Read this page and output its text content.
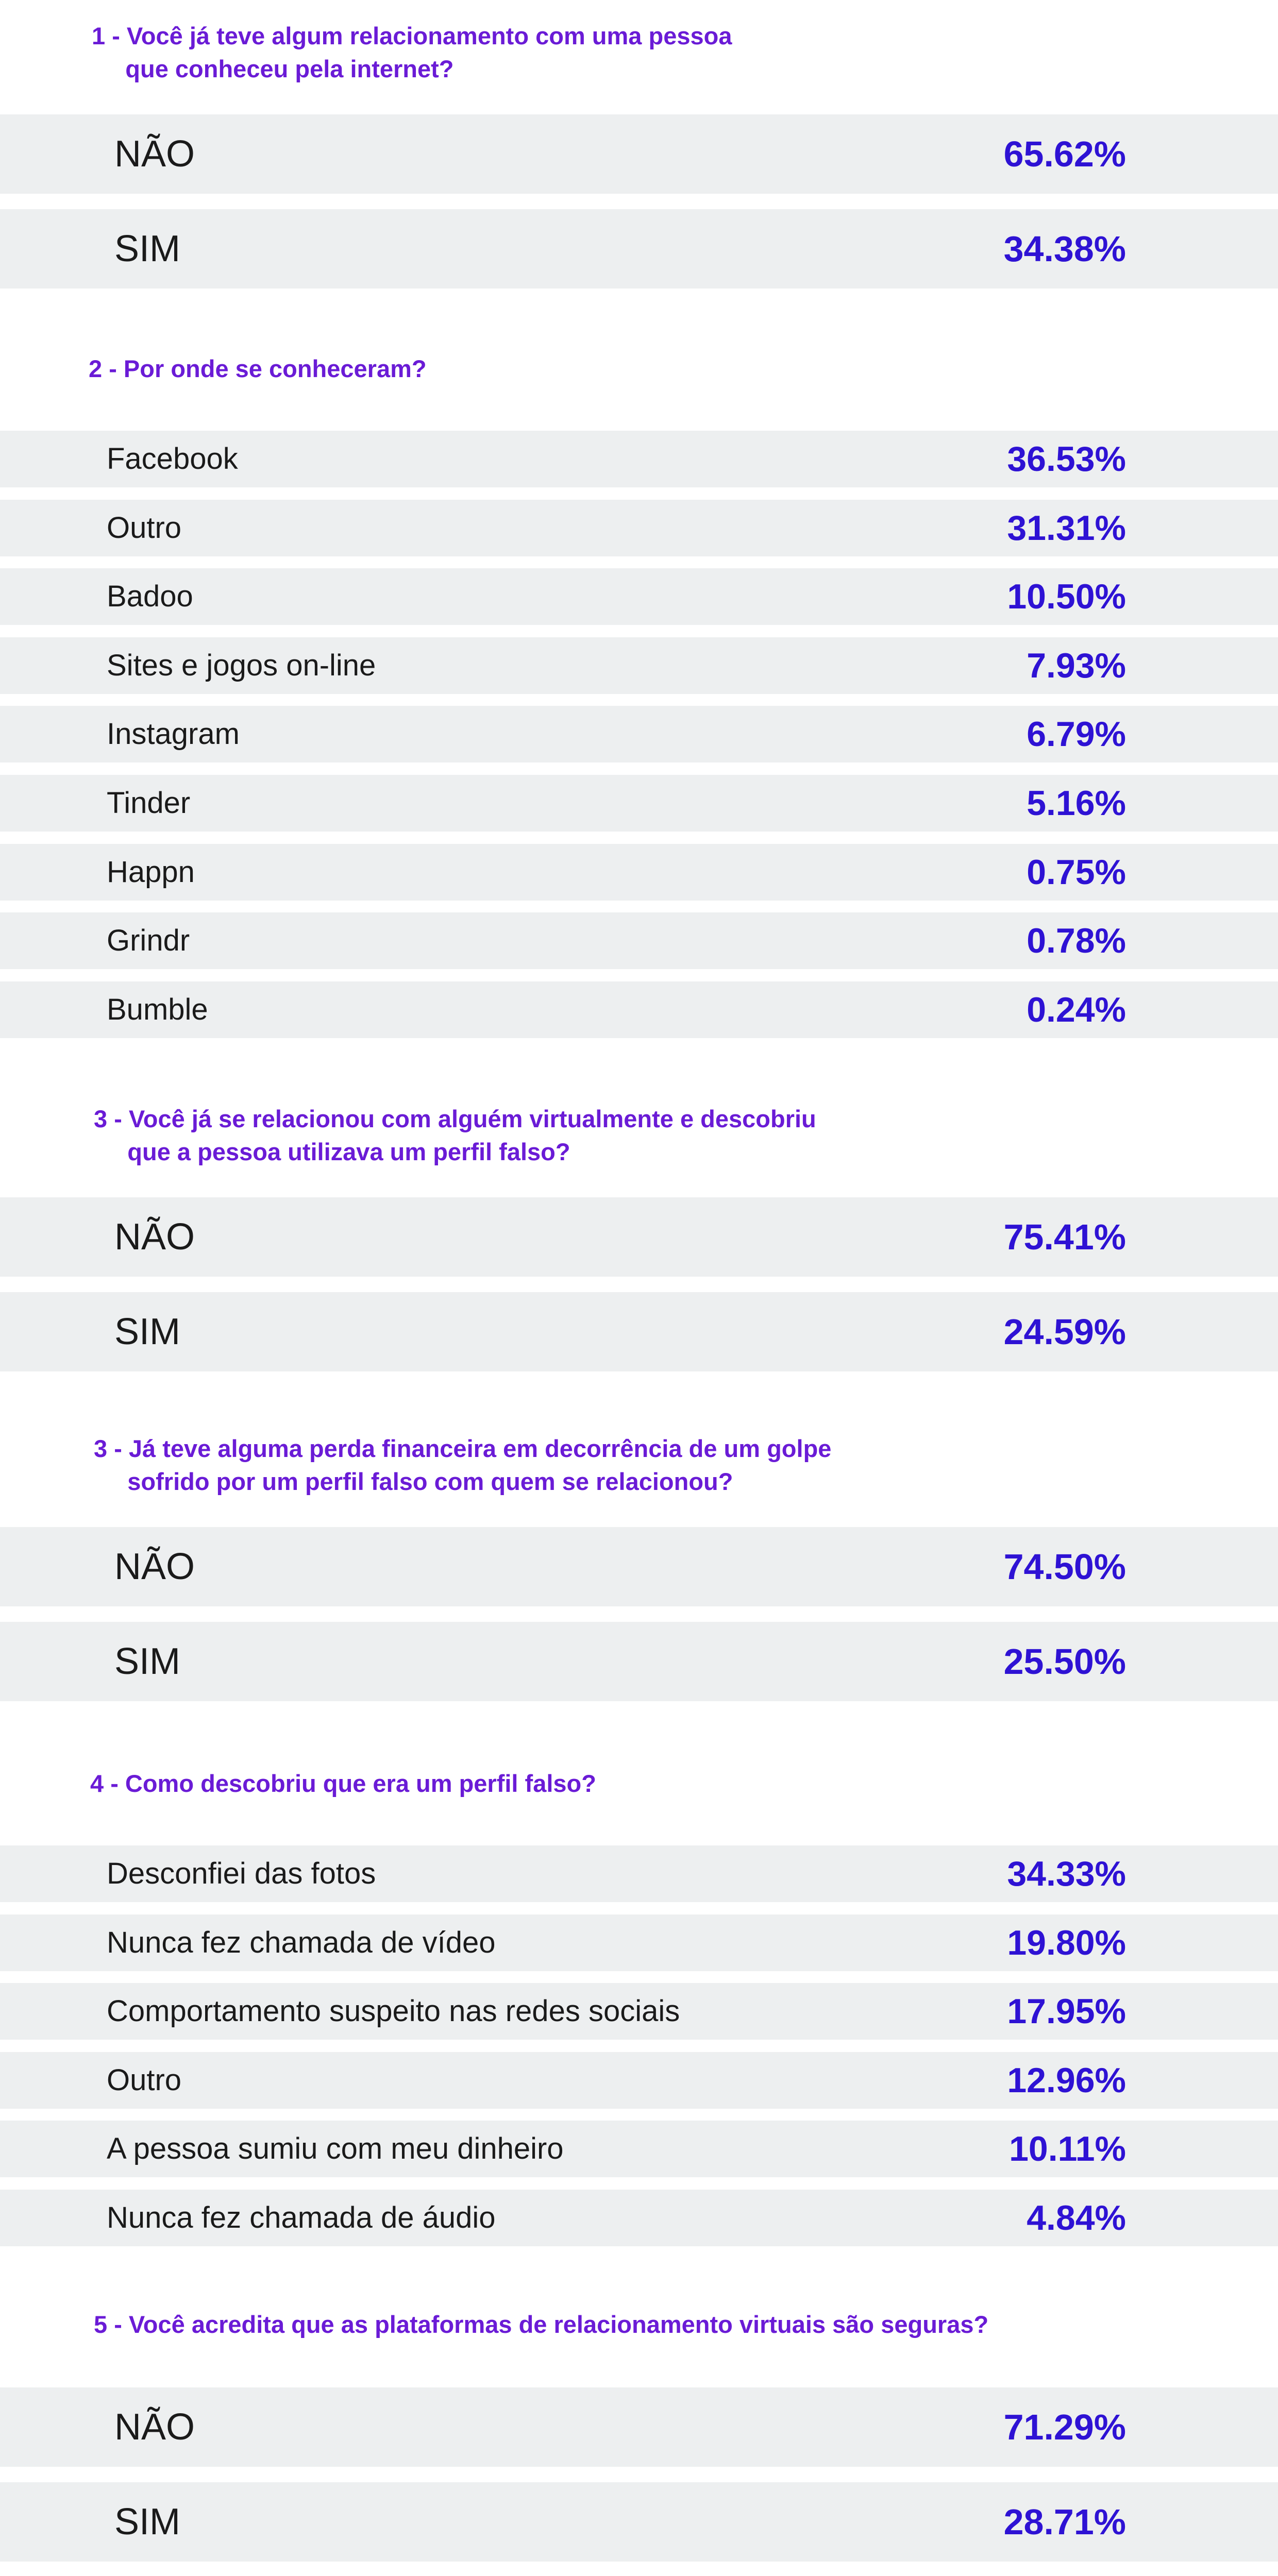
1 - Você já teve algum relacionamento com uma pessoa
que conheceu pela internet?
NÃO	65.62%
SIM	34.38%
2 - Por onde se conheceram?
Facebook	36.53%
Outro	31.31%
Badoo	10.50%
Sites e jogos on-line	7.93%
Instagram	6.79%
Tinder	5.16%
Happn	0.75%
Grindr	0.78%
Bumble	0.24%
3 - Você já se relacionou com alguém virtualmente e descobriu
que a pessoa utilizava um perfil falso?
NÃO	75.41%
SIM	24.59%
3 - Já teve alguma perda financeira em decorrência de um golpe
sofrido por um perfil falso com quem se relacionou?
NÃO	74.50%
SIM	25.50%
4 - Como descobriu que era um perfil falso?
Desconfiei das fotos	34.33%
Nunca fez chamada de vídeo	19.80%
Comportamento suspeito nas redes sociais	17.95%
Outro	12.96%
A pessoa sumiu com meu dinheiro	10.11%
Nunca fez chamada de áudio	4.84%
5 - Você acredita que as plataformas de relacionamento virtuais são seguras?
NÃO	71.29%
SIM	28.71%
